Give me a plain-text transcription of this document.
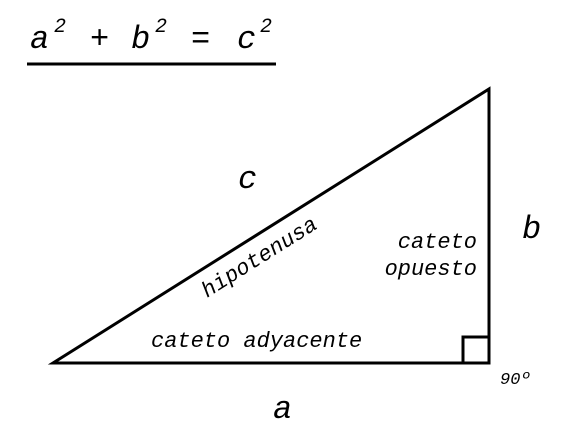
a 2 + b 2 = c 2
c
b
a
hipotenusa	cateto
opuesto
cateto adyacente
90º
